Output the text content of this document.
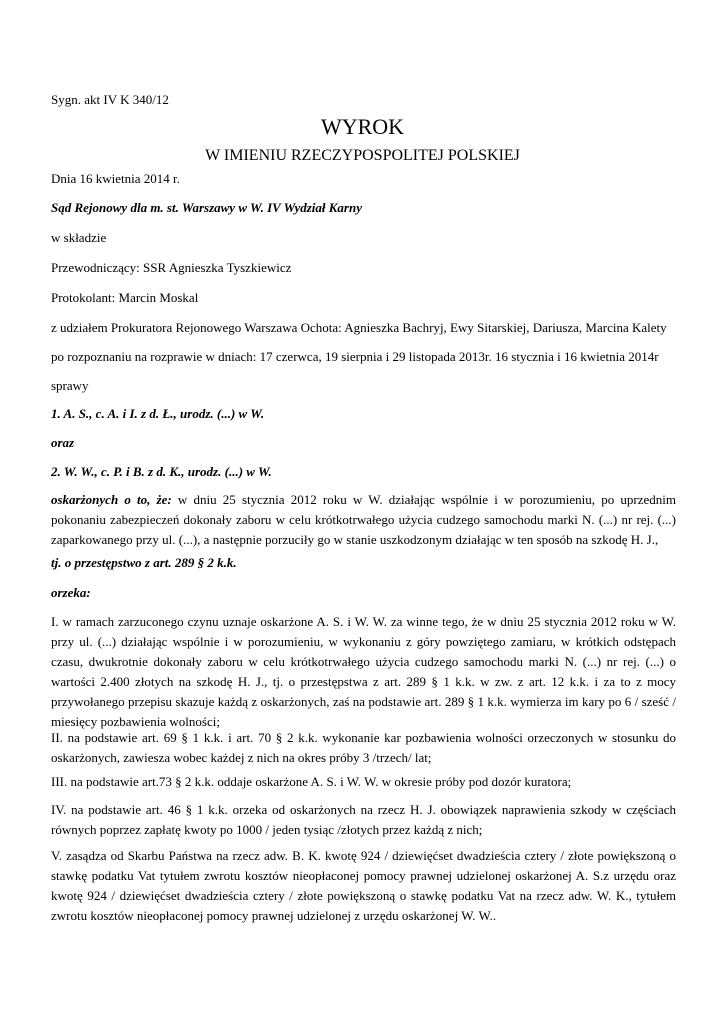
Sygn. akt IV K 340/12

WYROK
W IMIENIU RZECZYPOSPOLITEJ POLSKIEJ

Dnia 16 kwietnia 2014 r.

Sąd Rejonowy dla m. st. Warszawy w W. IV Wydział Karny

w składzie

Przewodniczący: SSR Agnieszka Tyszkiewicz

Protokolant: Marcin Moskal

z udziałem Prokuratora Rejonowego Warszawa Ochota: Agnieszka Bachryj, Ewy Sitarskiej, Dariusza, Marcina Kalety

po rozpoznaniu na rozprawie w dniach: 17 czerwca, 19 sierpnia i 29 listopada 2013r. 16 stycznia i 16 kwietnia 2014r

sprawy

1. A. S., c. A. i I. z d. Ł., urodz. (...) w W.

oraz

2. W. W., c. P. i B. z d. K., urodz. (...) w W.

oskarżonych o to, że: w dniu 25 stycznia 2012 roku w W. działając wspólnie i w porozumieniu, po uprzednim pokonaniu zabezpieczeń dokonały zaboru w celu krótkotrwałego użycia cudzego samochodu marki N. (...) nr rej. (...) zaparkowanego przy ul. (...), a następnie porzuciły go w stanie uszkodzonym działając w ten sposób na szkodę H. J.,

tj. o przestępstwo z art. 289 § 2 k.k.

orzeka:

I. w ramach zarzuconego czynu uznaje oskarżone A. S. i W. W. za winne tego, że w dniu 25 stycznia 2012 roku w W. przy ul. (...) działając wspólnie i w porozumieniu, w wykonaniu z góry powziętego zamiaru, w krótkich odstępach czasu, dwukrotnie dokonały zaboru w celu krótkotrwałego użycia cudzego samochodu marki N. (...) nr rej. (...) o wartości 2.400 złotych na szkodę H. J., tj. o przestępstwa z art. 289 § 1 k.k. w zw. z art. 12 k.k. i za to z mocy przywołanego przepisu skazuje każdą z oskarżonych, zaś na podstawie art. 289 § 1 k.k. wymierza im kary po 6 / sześć / miesięcy pozbawienia wolności;

II. na podstawie art. 69 § 1 k.k. i art. 70 § 2 k.k. wykonanie kar pozbawienia wolności orzeczonych w stosunku do oskarżonych, zawiesza wobec każdej z nich na okres próby 3 /trzech/ lat;

III. na podstawie art.73 § 2 k.k. oddaje oskarżone A. S. i W. W. w okresie próby pod dozór kuratora;

IV. na podstawie art. 46 § 1 k.k. orzeka od oskarżonych na rzecz H. J. obowiązek naprawienia szkody w częściach równych poprzez zapłatę kwoty po 1000 / jeden tysiąc /złotych przez każdą z nich;

V. zasądza od Skarbu Państwa na rzecz adw. B. K. kwotę 924 / dziewięćset dwadzieścia cztery / złote powiększoną o stawkę podatku Vat tytułem zwrotu kosztów nieopłaconej pomocy prawnej udzielonej oskarżonej A. S.z urzędu oraz kwotę 924 / dziewięćset dwadzieścia cztery / złote powiększoną o stawkę podatku Vat na rzecz adw. W. K., tytułem zwrotu kosztów nieopłaconej pomocy prawnej udzielonej z urzędu oskarżonej W. W..
